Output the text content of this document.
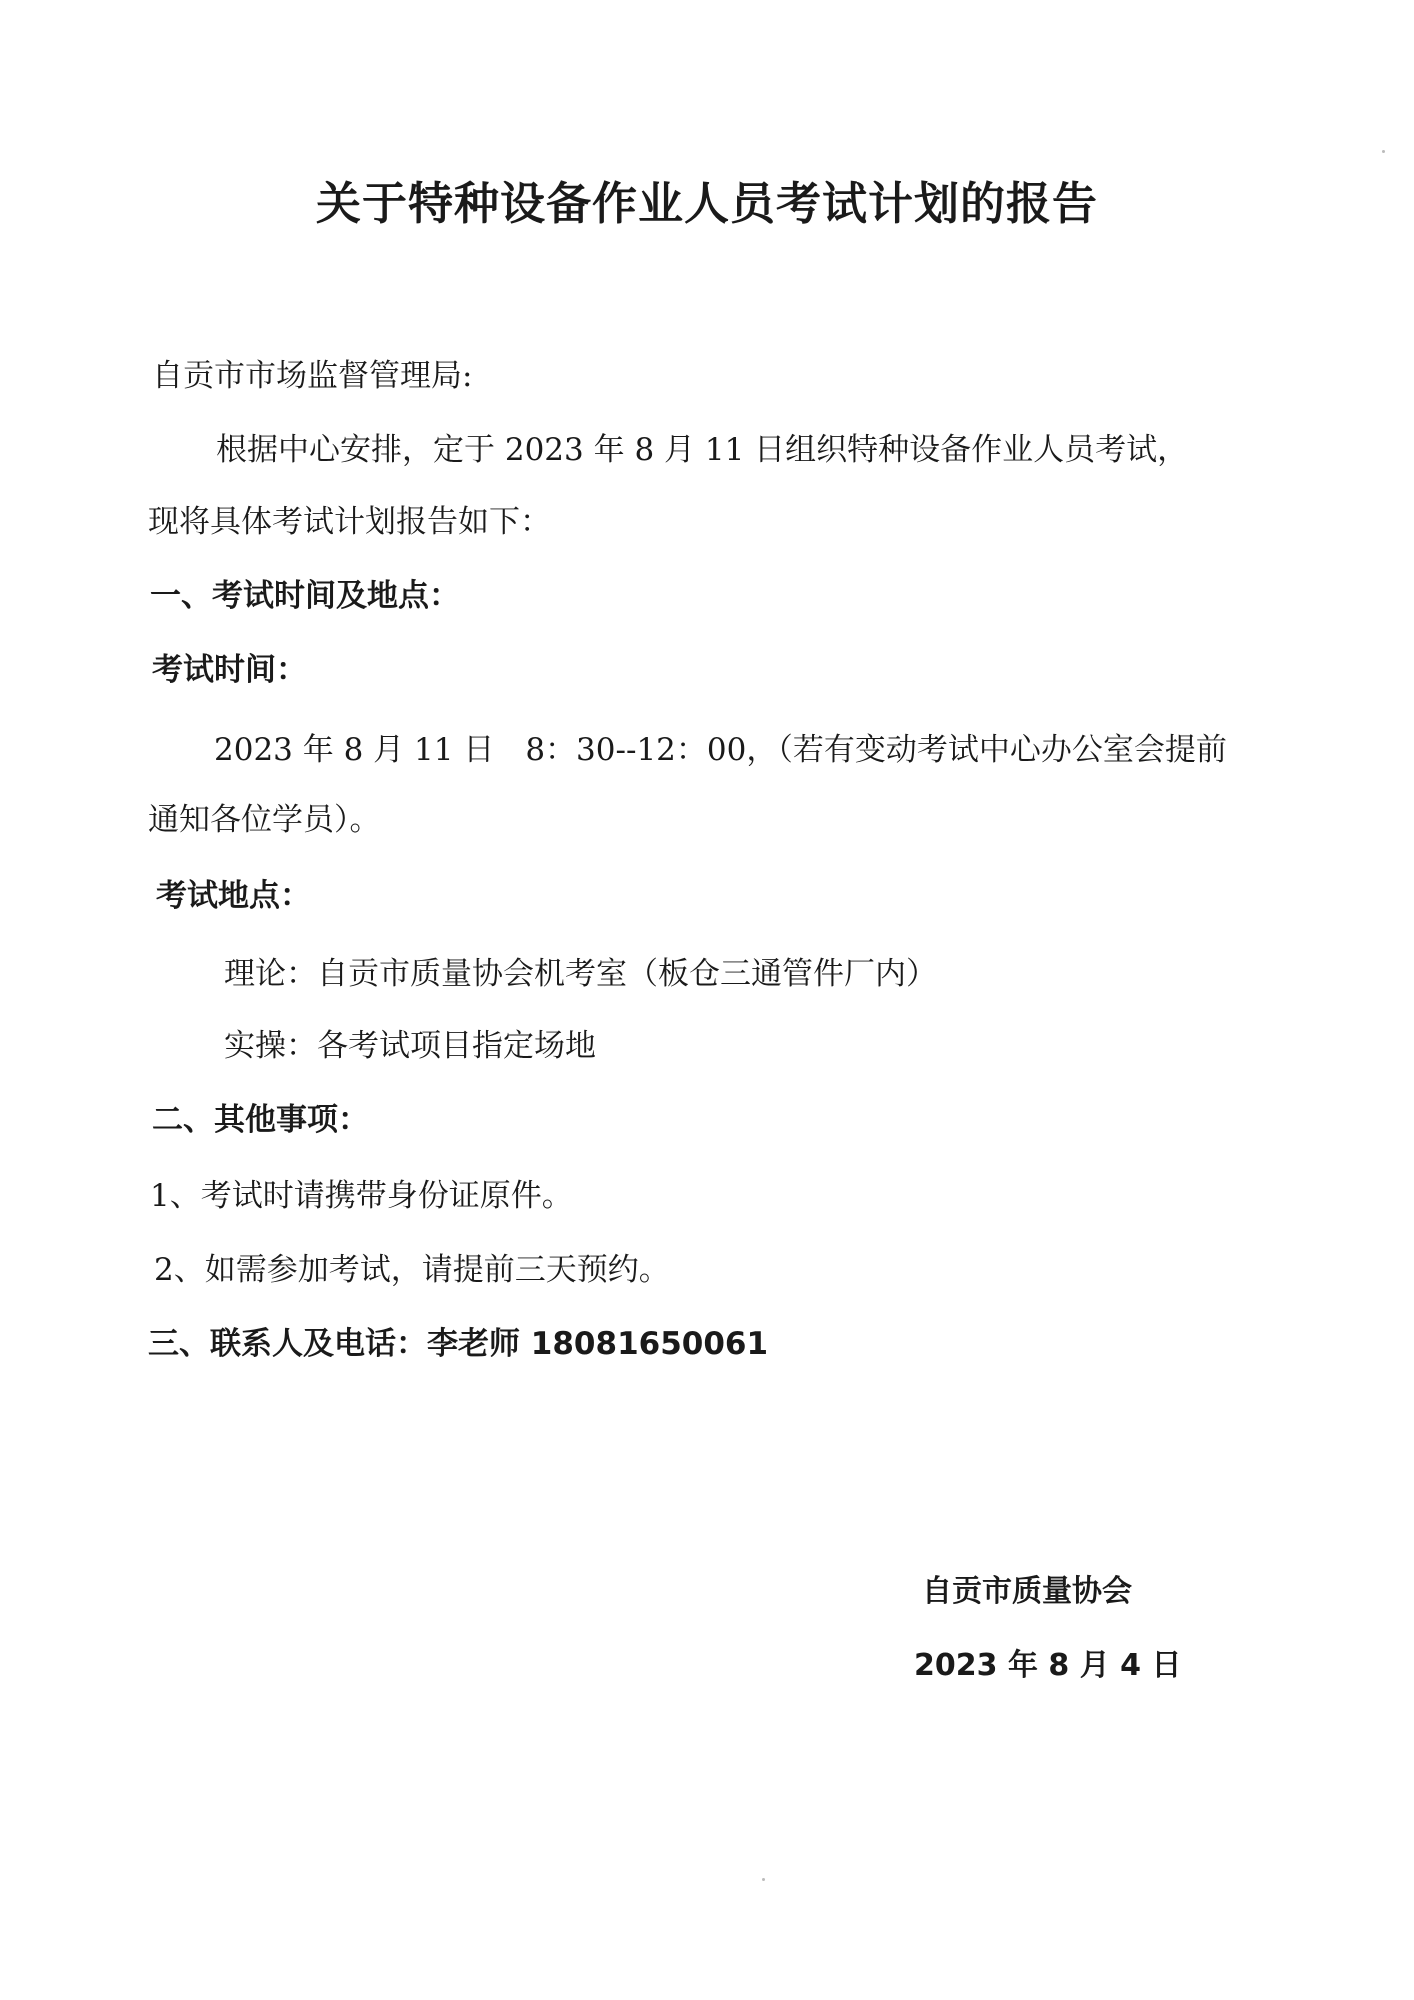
关于特种设备作业人员考试计划的报告
自贡市市场监督管理局:
根据中心安排，定于 2023 年 8 月 11 日组织特种设备作业人员考试，
现将具体考试计划报告如下：
一、考试时间及地点：
考试时间：
2023 年 8 月 11 日　8：30--12：00，（若有变动考试中心办公室会提前
通知各位学员）。
考试地点：
理论：自贡市质量协会机考室（板仓三通管件厂内）
实操：各考试项目指定场地
二、其他事项：
1、考试时请携带身份证原件。
2、如需参加考试，请提前三天预约。
三、联系人及电话：李老师 18081650061
自贡市质量协会
2023 年 8 月 4 日
